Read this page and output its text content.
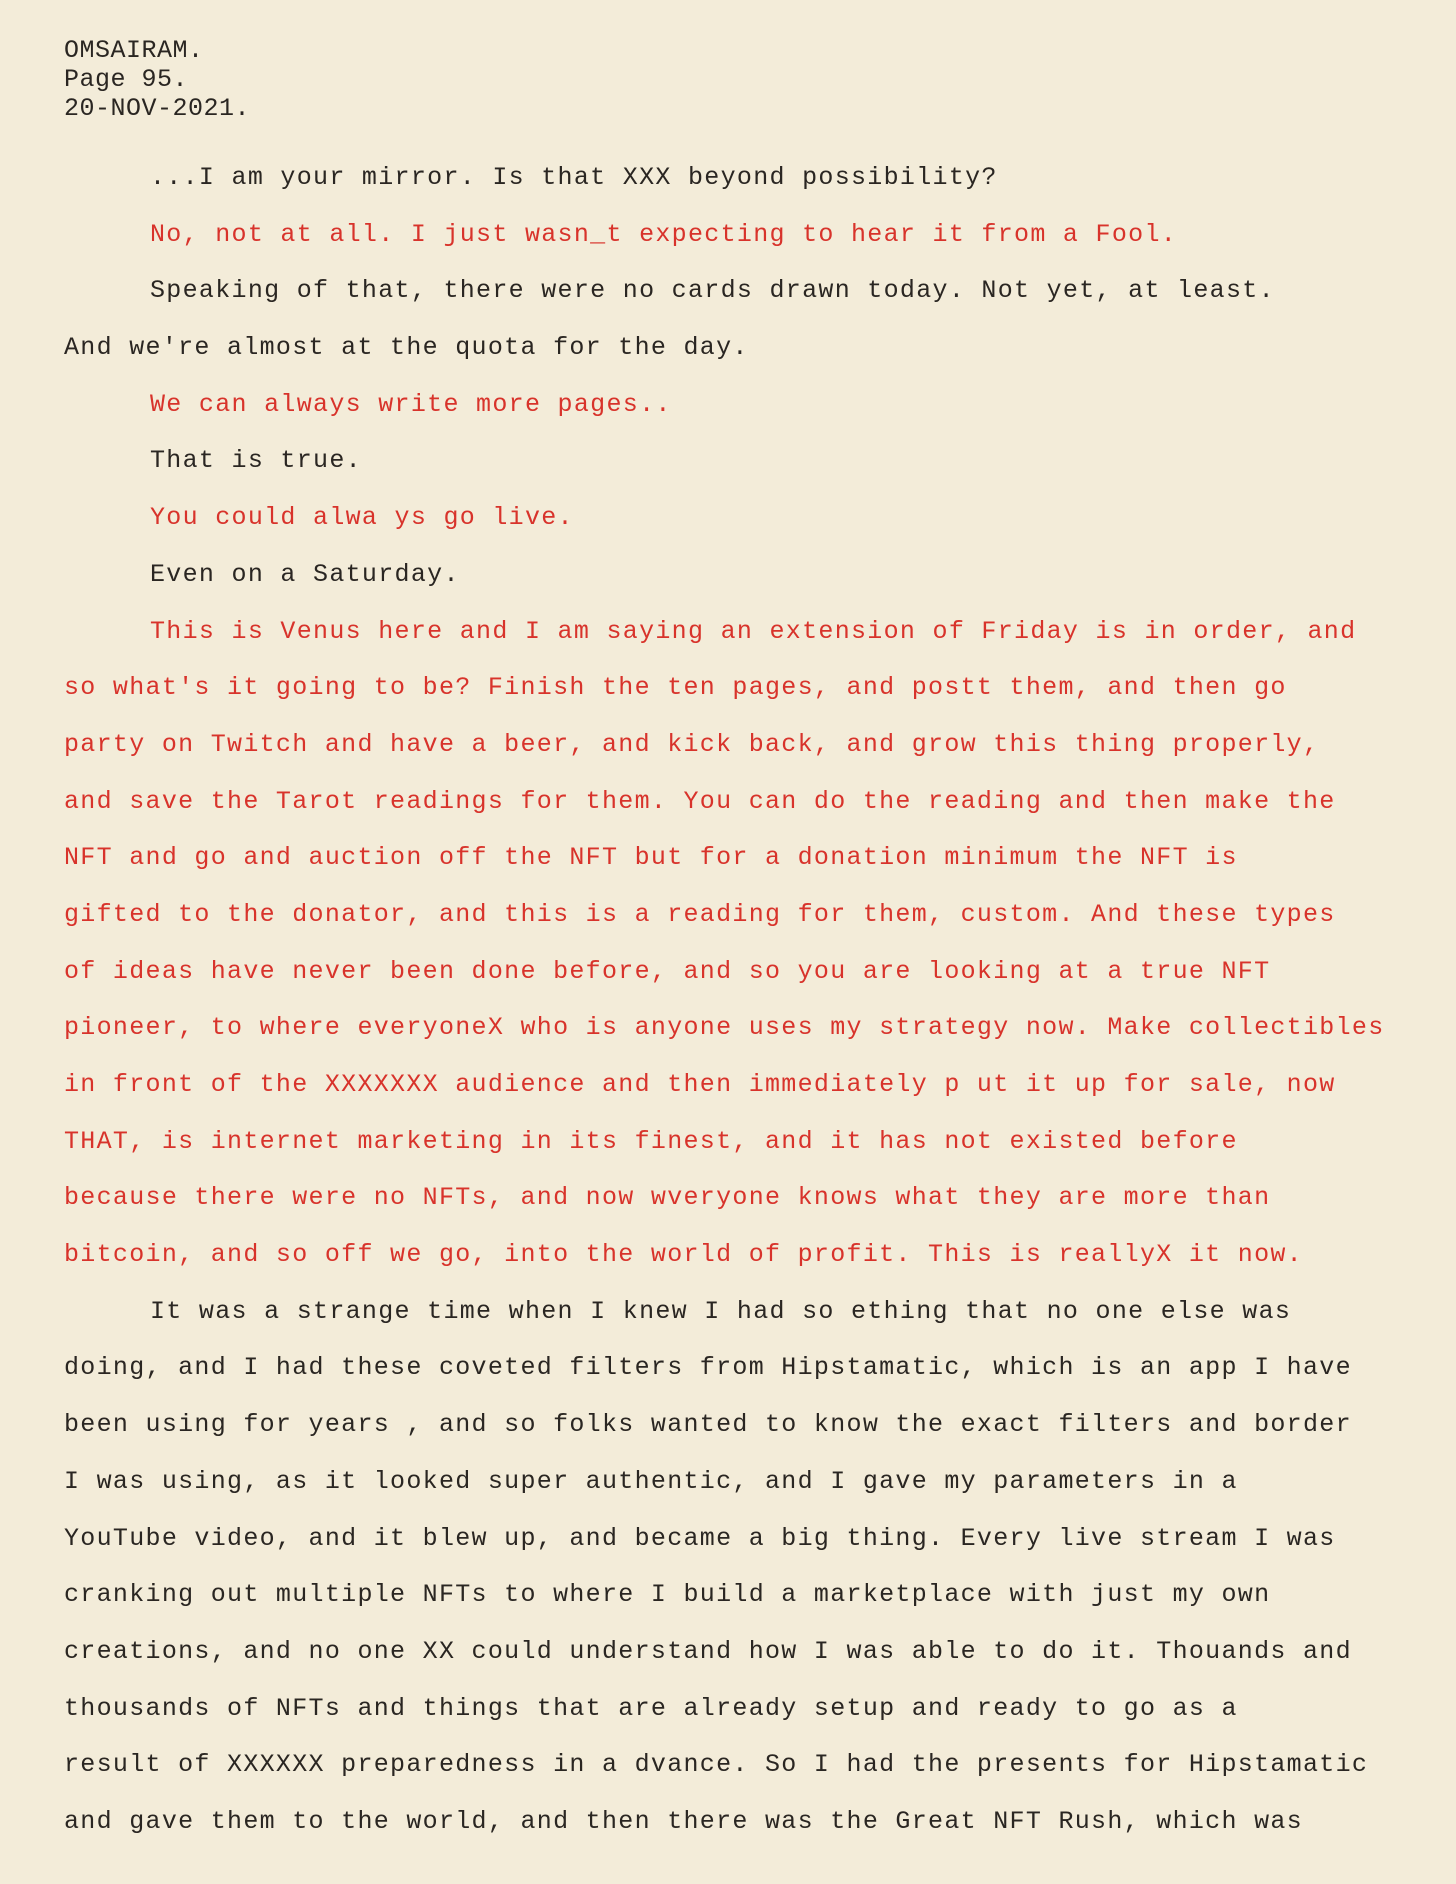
OMSAIRAM.
Page 95.
20-NOV-2021.
...I am your mirror. Is that XXX beyond possibility?
No, not at all. I just wasn_t expecting to hear it from a Fool.
Speaking of that, there were no cards drawn today. Not yet, at least.
And we're almost at the quota for the day.
We can always write more pages..
That is true.
You could alwa ys go live.
Even on a Saturday.
This is Venus here and I am saying an extension of Friday is in order, and
so what's it going to be? Finish the ten pages, and postt them, and then go
party on Twitch and have a beer, and kick back, and grow this thing properly,
and save the Tarot readings for them. You can do the reading and then make the
NFT and go and auction off the NFT but for a donation minimum the NFT is
gifted to the donator, and this is a reading for them, custom. And these types
of ideas have never been done before, and so you are looking at a true NFT
pioneer, to where everyoneX who is anyone uses my strategy now. Make collectibles
in front of the XXXXXXX audience and then immediately p ut it up for sale, now
THAT, is internet marketing in its finest, and it has not existed before
because there were no NFTs, and now wveryone knows what they are more than
bitcoin, and so off we go, into the world of profit. This is reallyX it now.
It was a strange time when I knew I had so ething that no one else was
doing, and I had these coveted filters from Hipstamatic, which is an app I have
been using for years , and so folks wanted to know the exact filters and border
I was using, as it looked super authentic, and I gave my parameters in a
YouTube video, and it blew up, and became a big thing. Every live stream I was
cranking out multiple NFTs to where I build a marketplace with just my own
creations, and no one XX could understand how I was able to do it. Thouands and
thousands of NFTs and things that are already setup and ready to go as a
result of XXXXXX preparedness in a dvance. So I had the presents for Hipstamatic
and gave them to the world, and then there was the Great NFT Rush, which was
